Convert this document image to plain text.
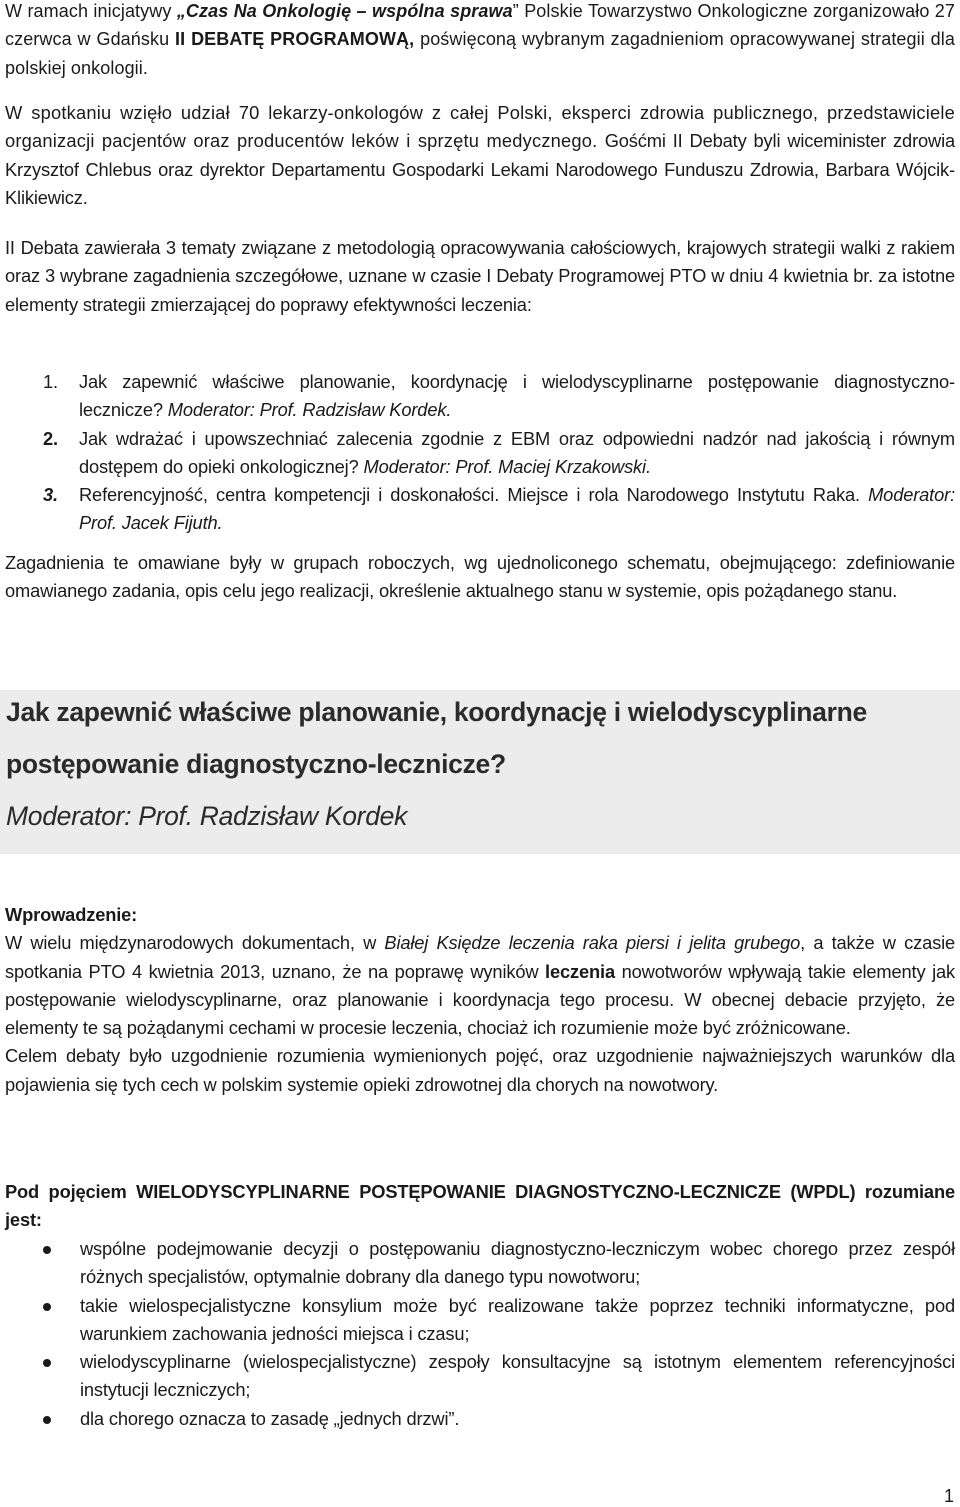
W ramach inicjatywy „Czas Na Onkologię – wspólna sprawa” Polskie Towarzystwo Onkologiczne zorganizowało 27 czerwca w Gdańsku II DEBATĘ PROGRAMOWĄ, poświęconą wybranym zagadnieniom opracowywanej strategii dla polskiej onkologii.

W spotkaniu wzięło udział 70 lekarzy-onkologów z całej Polski, eksperci zdrowia publicznego, przedstawiciele organizacji pacjentów oraz producentów leków i sprzętu medycznego. Gośćmi II Debaty byli wiceminister zdrowia Krzysztof Chlebus oraz dyrektor Departamentu Gospodarki Lekami Narodowego Funduszu Zdrowia, Barbara Wójcik-Klikiewicz.

II Debata zawierała 3 tematy związane z metodologią opracowywania całościowych, krajowych strategii walki z rakiem oraz 3 wybrane zagadnienia szczegółowe, uznane w czasie I Debaty Programowej PTO w dniu 4 kwietnia br. za istotne elementy strategii zmierzającej do poprawy efektywności leczenia:

1. Jak zapewnić właściwe planowanie, koordynację i wielodyscyplinarne postępowanie diagnostyczno-lecznicze? Moderator: Prof. Radzisław Kordek.
2. Jak wdrażać i upowszechniać zalecenia zgodnie z EBM oraz odpowiedni nadzór nad jakością i równym dostępem do opieki onkologicznej? Moderator: Prof. Maciej Krzakowski.
3. Referencyjność, centra kompetencji i doskonałości. Miejsce i rola Narodowego Instytutu Raka. Moderator: Prof. Jacek Fijuth.

Zagadnienia te omawiane były w grupach roboczych, wg ujednoliconego schematu, obejmującego: zdefiniowanie omawianego zadania, opis celu jego realizacji, określenie aktualnego stanu w systemie, opis pożądanego stanu.

Jak zapewnić właściwe planowanie, koordynację i wielodyscyplinarne
postępowanie diagnostyczno-lecznicze?
Moderator: Prof. Radzisław Kordek

Wprowadzenie:

W wielu międzynarodowych dokumentach, w Białej Księdze leczenia raka piersi i jelita grubego, a także w czasie spotkania PTO 4 kwietnia 2013, uznano, że na poprawę wyników leczenia nowotworów wpływają takie elementy jak postępowanie wielodyscyplinarne, oraz planowanie i koordynacja tego procesu. W obecnej debacie przyjęto, że elementy te są pożądanymi cechami w procesie leczenia, chociaż ich rozumienie może być zróżnicowane.

Celem debaty było uzgodnienie rozumienia wymienionych pojęć, oraz uzgodnienie najważniejszych warunków dla pojawienia się tych cech w polskim systemie opieki zdrowotnej dla chorych na nowotwory.

Pod pojęciem WIELODYSCYPLINARNE POSTĘPOWANIE DIAGNOSTYCZNO-LECZNICZE (WPDL) rozumiane jest:

wspólne podejmowanie decyzji o postępowaniu diagnostyczno-leczniczym wobec chorego przez zespół różnych specjalistów, optymalnie dobrany dla danego typu nowotworu;
takie wielospecjalistyczne konsylium może być realizowane także poprzez techniki informatyczne, pod warunkiem zachowania jedności miejsca i czasu;
wielodyscyplinarne (wielospecjalistyczne) zespoły konsultacyjne są istotnym elementem referencyjności instytucji leczniczych;
dla chorego oznacza to zasadę „jednych drzwi”.
1
